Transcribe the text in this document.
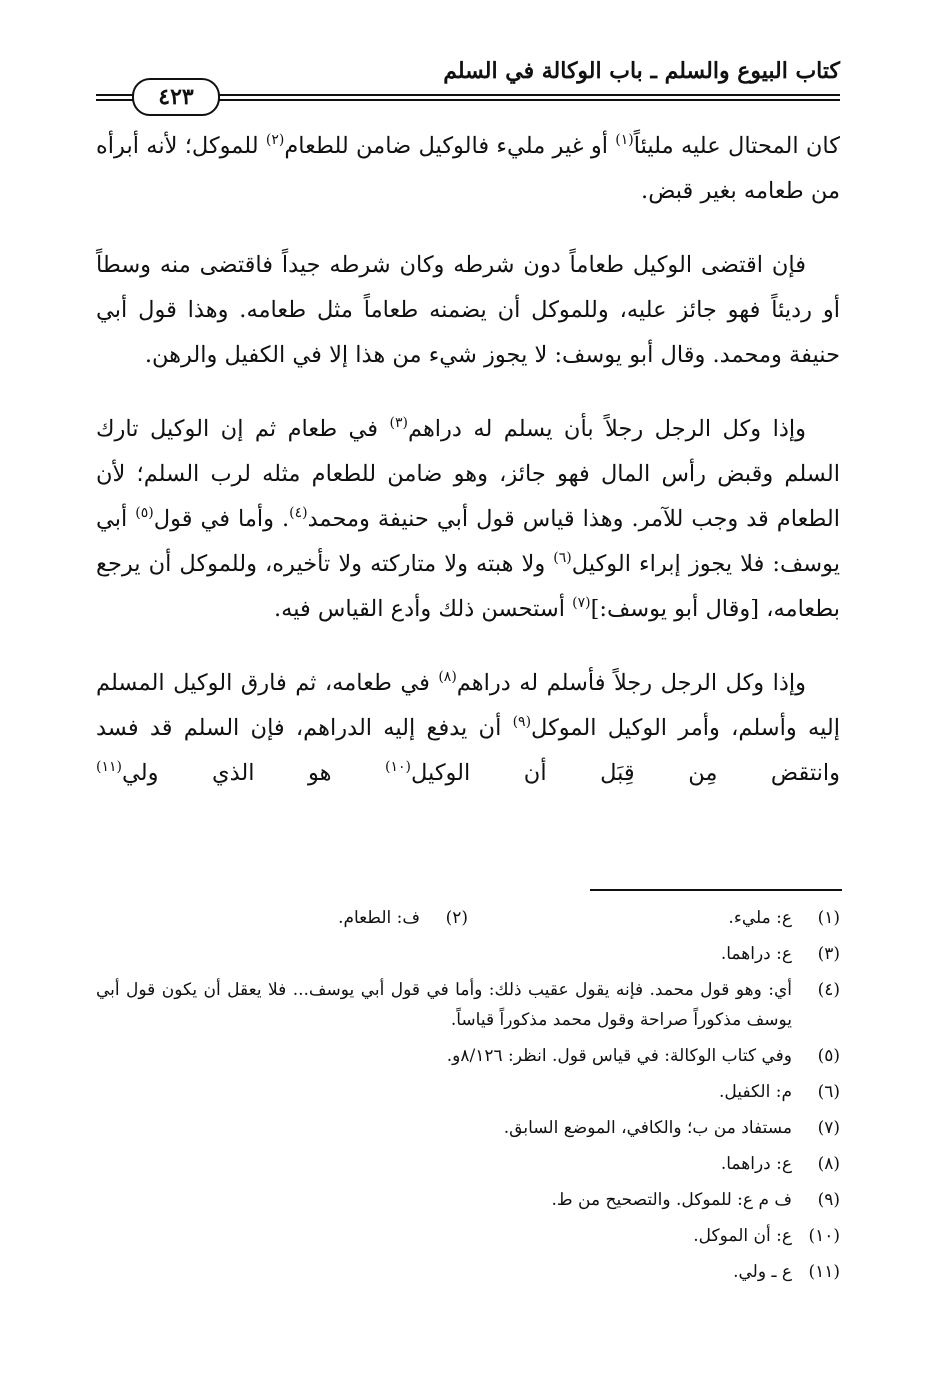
كتاب البيوع والسلم ـ باب الوكالة في السلم
٤٢٣

كان المحتال عليه مليئاً$^{(١)}$ أو غير مليء فالوكيل ضامن للطعام$^{(٢)}$ للموكل؛ لأنه أبرأه من طعامه بغير قبض.

فإن اقتضى الوكيل طعاماً دون شرطه وكان شرطه جيداً فاقتضى منه وسطاً أو رديئاً فهو جائز عليه، وللموكل أن يضمنه طعاماً مثل طعامه. وهذا قول أبي حنيفة ومحمد. وقال أبو يوسف: لا يجوز شيء من هذا إلا في الكفيل والرهن.

وإذا وكل الرجل رجلاً بأن يسلم له دراهم$^{(٣)}$ في طعام ثم إن الوكيل تارك السلم وقبض رأس المال فهو جائز، وهو ضامن للطعام مثله لرب السلم؛ لأن الطعام قد وجب للآمر. وهذا قياس قول أبي حنيفة ومحمد$^{(٤)}$. وأما في قول$^{(٥)}$ أبي يوسف: فلا يجوز إبراء الوكيل$^{(٦)}$ ولا هبته ولا متاركته ولا تأخيره، وللموكل أن يرجع بطعامه، [وقال أبو يوسف:]$^{(٧)}$ أستحسن ذلك وأدع القياس فيه.

وإذا وكل الرجل رجلاً فأسلم له دراهم$^{(٨)}$ في طعامه، ثم فارق الوكيل المسلم إليه وأسلم، وأمر الوكيل الموكل$^{(٩)}$ أن يدفع إليه الدراهم، فإن السلم قد فسد وانتقض مِن قِبَل أن الوكيل$^{(١٠)}$ هو الذي ولي$^{(١١)}$

(١)
ع: مليء.
(٢)
ف: الطعام.
(٣)
ع: دراهما.
(٤)
أي: وهو قول محمد. فإنه يقول عقيب ذلك: وأما في قول أبي يوسف... فلا يعقل أن يكون قول أبي يوسف مذكوراً صراحة وقول محمد مذكوراً قياساً.
(٥)
وفي كتاب الوكالة: في قياس قول. انظر: ٨/١٢٦و.
(٦)
م: الكفيل.
(٧)
مستفاد من ب؛ والكافي، الموضع السابق.
(٨)
ع: دراهما.
(٩)
ف م ع: للموكل. والتصحيح من ط.
(١٠)
ع: أن الموكل.
(١١)
ع ـ ولي.
